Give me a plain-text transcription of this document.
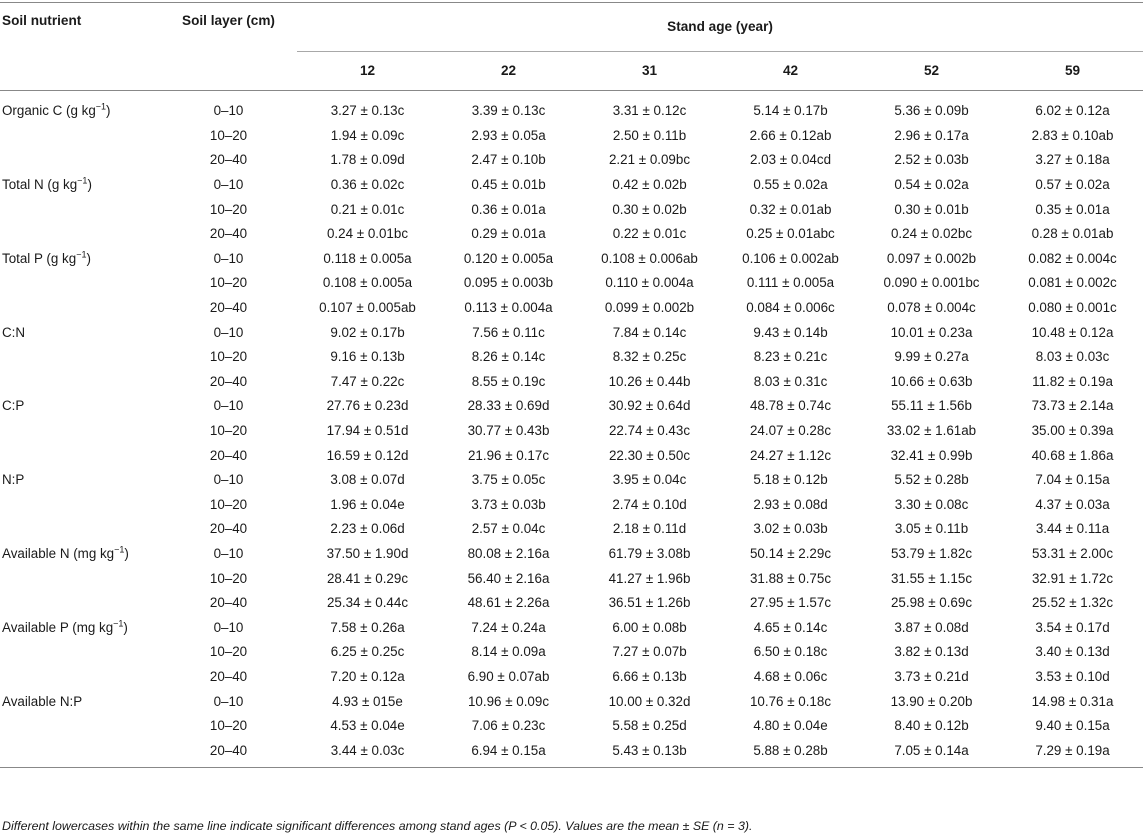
Soil nutrient	Soil layer (cm)	Stand age (year)					
		12	22	31	42	52	59
Organic C (g $kg^{-1}$)	0–10	3.27 ± 0.13c	3.39 ± 0.13c	3.31 ± 0.12c	5.14 ± 0.17b	5.36 ± 0.09b	6.02 ± 0.12a
	10–20	1.94 ± 0.09c	2.93 ± 0.05a	2.50 ± 0.11b	2.66 ± 0.12ab	2.96 ± 0.17a	2.83 ± 0.10ab
	20–40	1.78 ± 0.09d	2.47 ± 0.10b	2.21 ± 0.09bc	2.03 ± 0.04cd	2.52 ± 0.03b	3.27 ± 0.18a
Total N (g $kg^{-1}$)	0–10	0.36 ± 0.02c	0.45 ± 0.01b	0.42 ± 0.02b	0.55 ± 0.02a	0.54 ± 0.02a	0.57 ± 0.02a
	10–20	0.21 ± 0.01c	0.36 ± 0.01a	0.30 ± 0.02b	0.32 ± 0.01ab	0.30 ± 0.01b	0.35 ± 0.01a
	20–40	0.24 ± 0.01bc	0.29 ± 0.01a	0.22 ± 0.01c	0.25 ± 0.01abc	0.24 ± 0.02bc	0.28 ± 0.01ab
Total P (g $kg^{-1}$)	0–10	0.118 ± 0.005a	0.120 ± 0.005a	0.108 ± 0.006ab	0.106 ± 0.002ab	0.097 ± 0.002b	0.082 ± 0.004c
	10–20	0.108 ± 0.005a	0.095 ± 0.003b	0.110 ± 0.004a	0.111 ± 0.005a	0.090 ± 0.001bc	0.081 ± 0.002c
	20–40	0.107 ± 0.005ab	0.113 ± 0.004a	0.099 ± 0.002b	0.084 ± 0.006c	0.078 ± 0.004c	0.080 ± 0.001c
C:N	0–10	9.02 ± 0.17b	7.56 ± 0.11c	7.84 ± 0.14c	9.43 ± 0.14b	10.01 ± 0.23a	10.48 ± 0.12a
	10–20	9.16 ± 0.13b	8.26 ± 0.14c	8.32 ± 0.25c	8.23 ± 0.21c	9.99 ± 0.27a	8.03 ± 0.03c
	20–40	7.47 ± 0.22c	8.55 ± 0.19c	10.26 ± 0.44b	8.03 ± 0.31c	10.66 ± 0.63b	11.82 ± 0.19a
C:P	0–10	27.76 ± 0.23d	28.33 ± 0.69d	30.92 ± 0.64d	48.78 ± 0.74c	55.11 ± 1.56b	73.73 ± 2.14a
	10–20	17.94 ± 0.51d	30.77 ± 0.43b	22.74 ± 0.43c	24.07 ± 0.28c	33.02 ± 1.61ab	35.00 ± 0.39a
	20–40	16.59 ± 0.12d	21.96 ± 0.17c	22.30 ± 0.50c	24.27 ± 1.12c	32.41 ± 0.99b	40.68 ± 1.86a
N:P	0–10	3.08 ± 0.07d	3.75 ± 0.05c	3.95 ± 0.04c	5.18 ± 0.12b	5.52 ± 0.28b	7.04 ± 0.15a
	10–20	1.96 ± 0.04e	3.73 ± 0.03b	2.74 ± 0.10d	2.93 ± 0.08d	3.30 ± 0.08c	4.37 ± 0.03a
	20–40	2.23 ± 0.06d	2.57 ± 0.04c	2.18 ± 0.11d	3.02 ± 0.03b	3.05 ± 0.11b	3.44 ± 0.11a
Available N (mg $kg^{-1}$)	0–10	37.50 ± 1.90d	80.08 ± 2.16a	61.79 ± 3.08b	50.14 ± 2.29c	53.79 ± 1.82c	53.31 ± 2.00c
	10–20	28.41 ± 0.29c	56.40 ± 2.16a	41.27 ± 1.96b	31.88 ± 0.75c	31.55 ± 1.15c	32.91 ± 1.72c
	20–40	25.34 ± 0.44c	48.61 ± 2.26a	36.51 ± 1.26b	27.95 ± 1.57c	25.98 ± 0.69c	25.52 ± 1.32c
Available P (mg $kg^{-1}$)	0–10	7.58 ± 0.26a	7.24 ± 0.24a	6.00 ± 0.08b	4.65 ± 0.14c	3.87 ± 0.08d	3.54 ± 0.17d
	10–20	6.25 ± 0.25c	8.14 ± 0.09a	7.27 ± 0.07b	6.50 ± 0.18c	3.82 ± 0.13d	3.40 ± 0.13d
	20–40	7.20 ± 0.12a	6.90 ± 0.07ab	6.66 ± 0.13b	4.68 ± 0.06c	3.73 ± 0.21d	3.53 ± 0.10d
Available N:P	0–10	4.93 ± 015e	10.96 ± 0.09c	10.00 ± 0.32d	10.76 ± 0.18c	13.90 ± 0.20b	14.98 ± 0.31a
	10–20	4.53 ± 0.04e	7.06 ± 0.23c	5.58 ± 0.25d	4.80 ± 0.04e	8.40 ± 0.12b	9.40 ± 0.15a
	20–40	3.44 ± 0.03c	6.94 ± 0.15a	5.43 ± 0.13b	5.88 ± 0.28b	7.05 ± 0.14a	7.29 ± 0.19a
Different lowercases within the same line indicate significant differences among stand ages (P < 0.05). Values are the mean ± SE (n = 3).
